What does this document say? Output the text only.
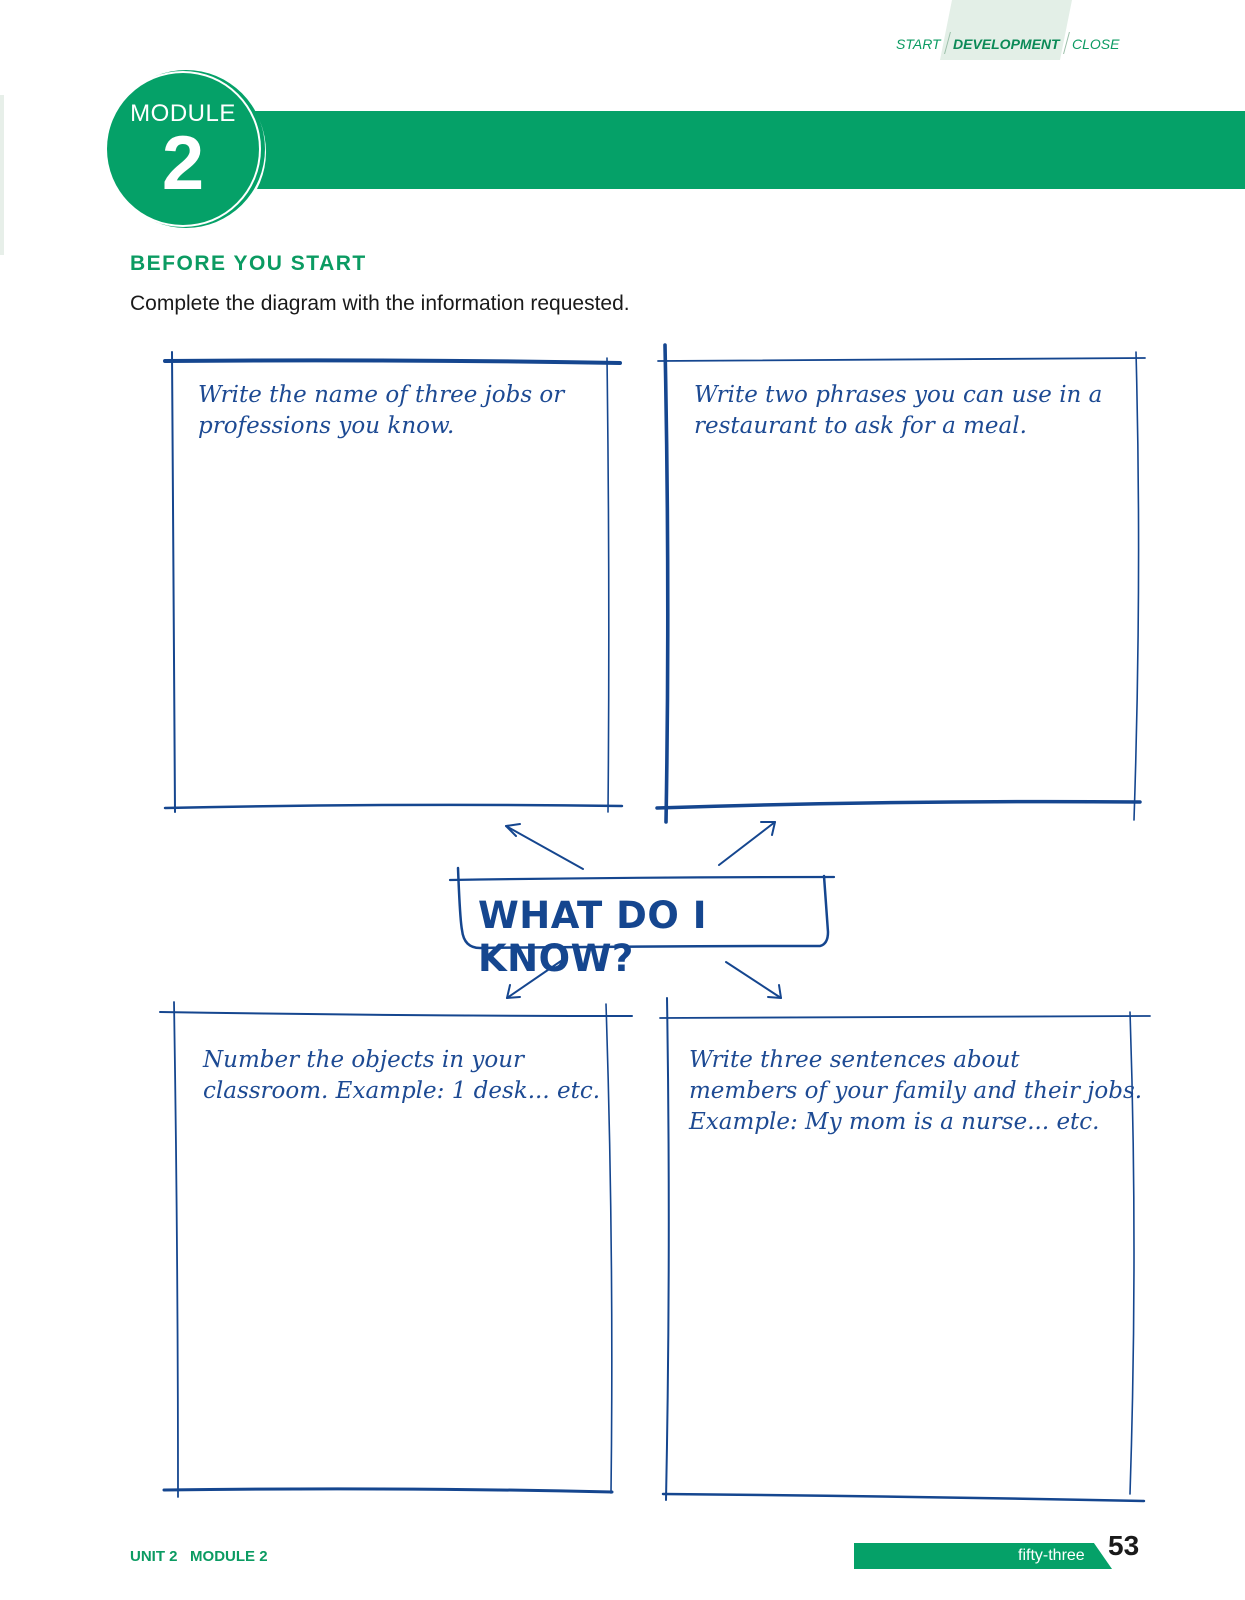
START DEVELOPMENT CLOSE
MODULE
2
BEFORE YOU START
Complete the diagram with the information requested.
Write the name of three jobs or
professions you know.
Write two phrases you can use in a
restaurant to ask for a meal.
Number the objects in your
classroom. Example: 1 desk... etc.
Write three sentences about
members of your family and their jobs.
Example: My mom is a nurse... etc.
WHAT DO I KNOW?
UNIT 2 MODULE 2	fifty-three 53
